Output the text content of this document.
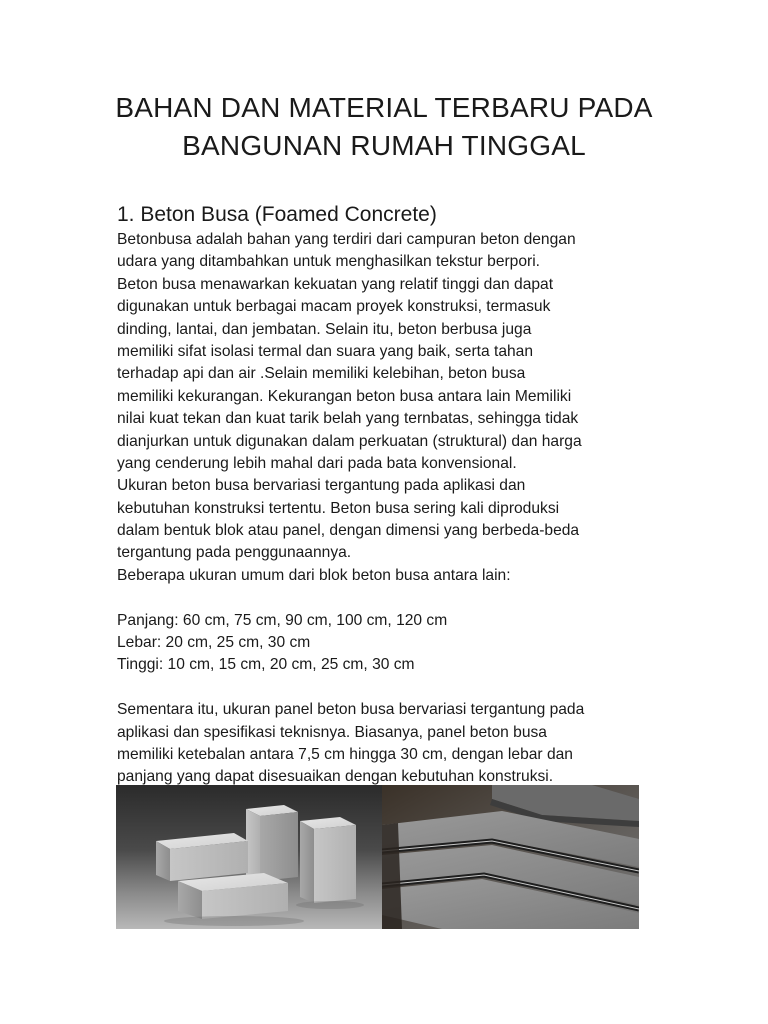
BAHAN DAN MATERIAL TERBARU PADA
BANGUNAN RUMAH TINGGAL
1. Beton Busa (Foamed Concrete)
Betonbusa adalah bahan yang terdiri dari campuran beton dengan
udara yang ditambahkan untuk menghasilkan tekstur berpori.
Beton busa menawarkan kekuatan yang relatif tinggi dan dapat
digunakan untuk berbagai macam proyek konstruksi, termasuk
dinding, lantai, dan jembatan. Selain itu, beton berbusa juga
memiliki sifat isolasi termal dan suara yang baik, serta tahan
terhadap api dan air .Selain memiliki kelebihan, beton busa
memiliki kekurangan. Kekurangan beton busa antara lain Memiliki
nilai kuat tekan dan kuat tarik belah yang ternbatas, sehingga tidak
dianjurkan untuk digunakan dalam perkuatan (struktural) dan harga
yang cenderung lebih mahal dari pada bata konvensional.
Ukuran beton busa bervariasi tergantung pada aplikasi dan
kebutuhan konstruksi tertentu. Beton busa sering kali diproduksi
dalam bentuk blok atau panel, dengan dimensi yang berbeda-beda
tergantung pada penggunaannya.
Beberapa ukuran umum dari blok beton busa antara lain:
Panjang: 60 cm, 75 cm, 90 cm, 100 cm, 120 cm
Lebar: 20 cm, 25 cm, 30 cm
Tinggi: 10 cm, 15 cm, 20 cm, 25 cm, 30 cm
Sementara itu, ukuran panel beton busa bervariasi tergantung pada
aplikasi dan spesifikasi teknisnya. Biasanya, panel beton busa
memiliki ketebalan antara 7,5 cm hingga 30 cm, dengan lebar dan
panjang yang dapat disesuaikan dengan kebutuhan konstruksi.
